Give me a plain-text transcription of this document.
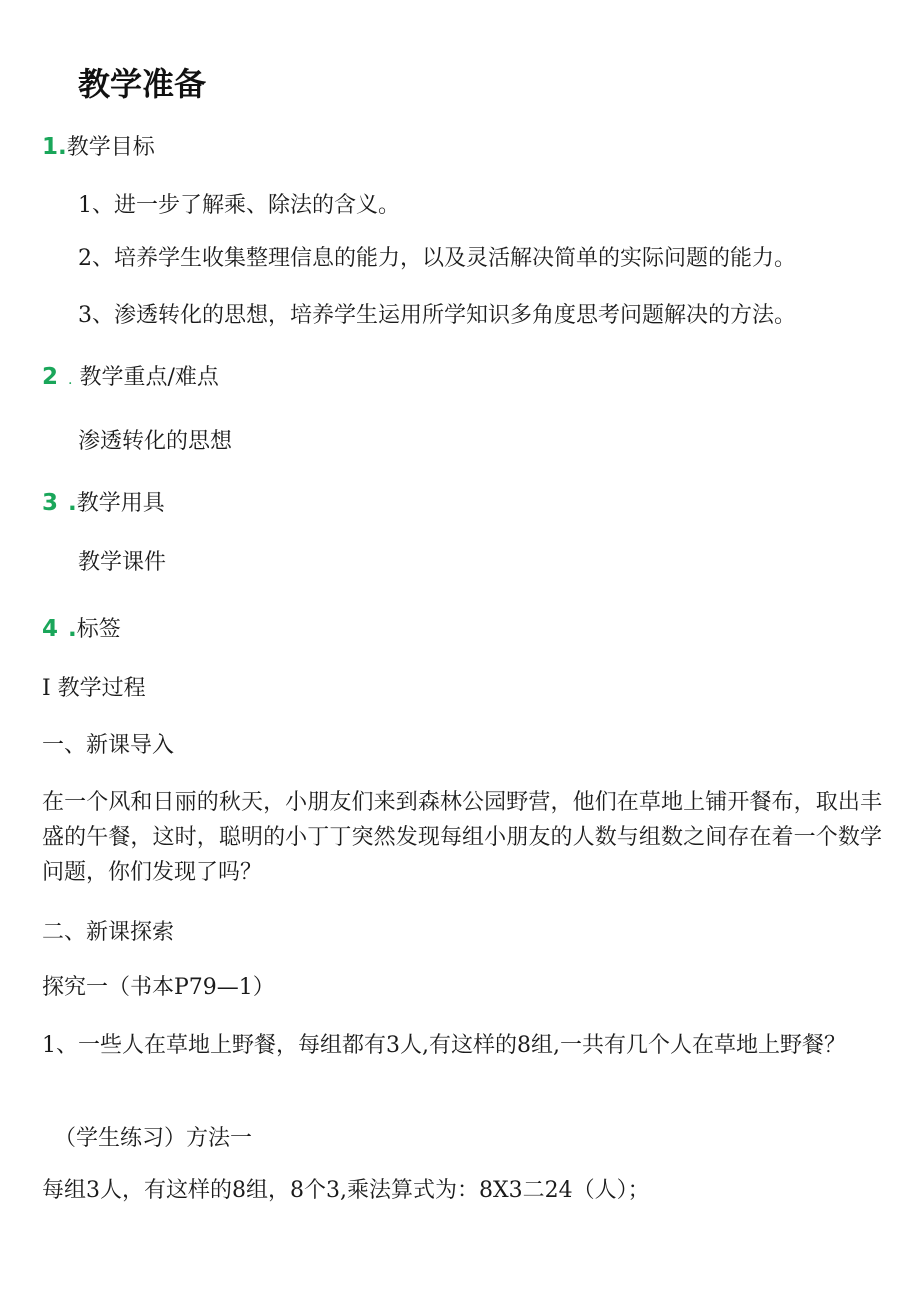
教学准备
1.教学目标
1、进一步了解乘、除法的含义。
2、培养学生收集整理信息的能力，以及灵活解决简单的实际问题的能力。
3、渗透转化的思想，培养学生运用所学知识多角度思考问题解决的方法。
2 . 教学重点/难点
渗透转化的思想
3 .教学用具
教学课件
4 .标签
I 教学过程
一、新课导入
在一个风和日丽的秋天，小朋友们来到森林公园野营，他们在草地上铺开餐布，取出丰盛的午餐，这时，聪明的小丁丁突然发现每组小朋友的人数与组数之间存在着一个数学问题，你们发现了吗？
二、新课探索
探究一（书本P79—1）
1、一些人在草地上野餐，每组都有3人,有这样的8组,一共有几个人在草地上野餐？
（学生练习）方法一
每组3人，有这样的8组，8个3,乘法算式为：8X3二24（人）；
